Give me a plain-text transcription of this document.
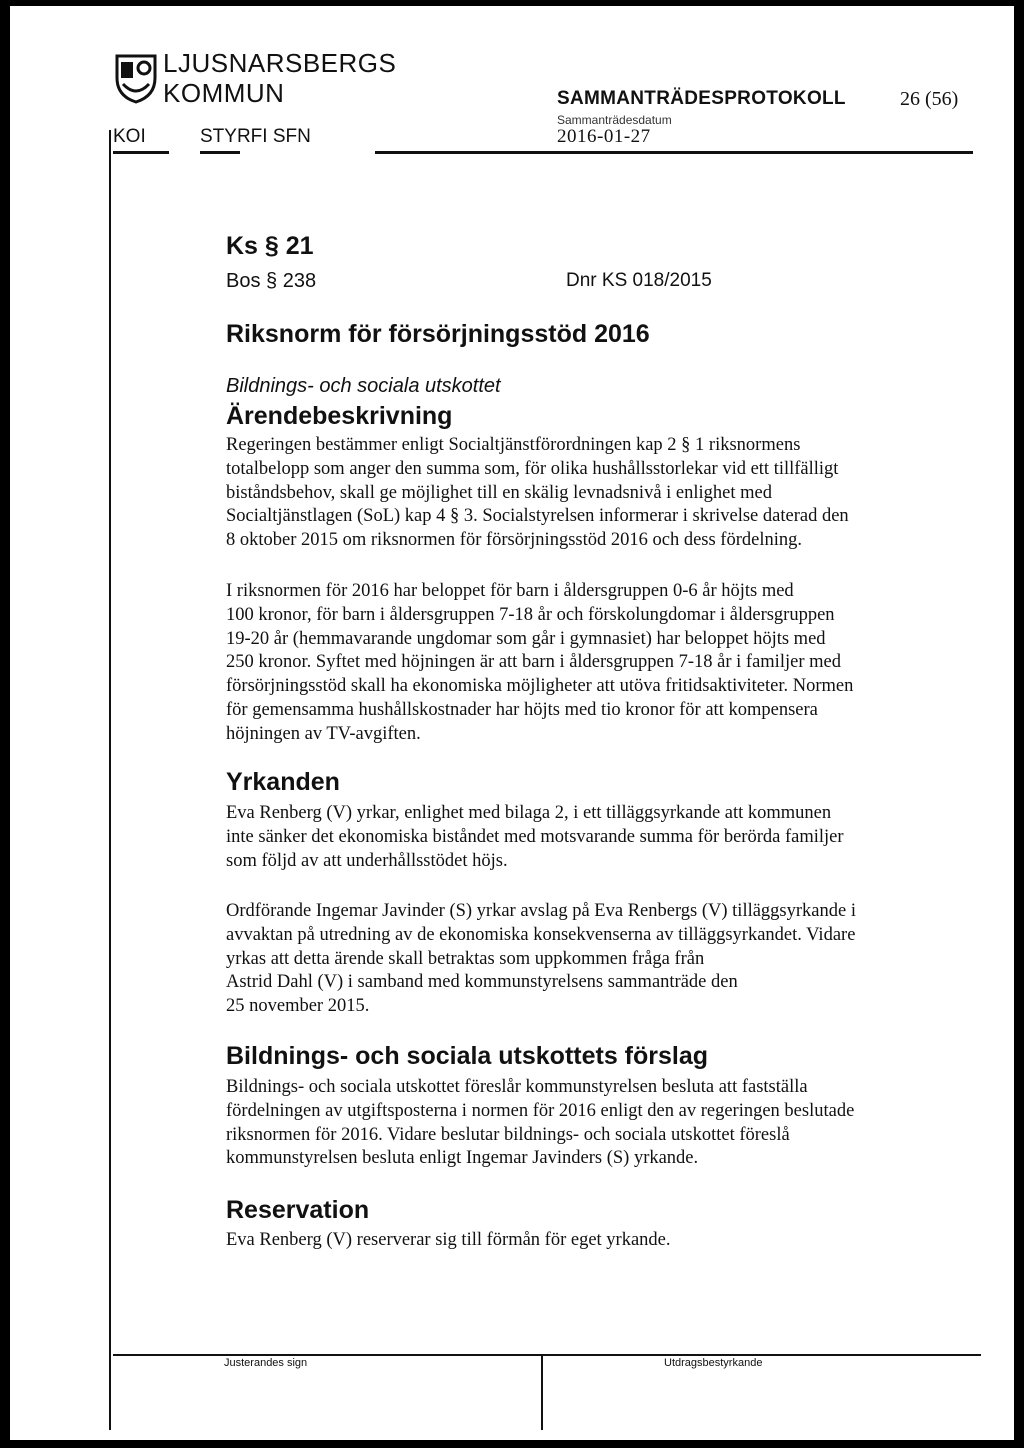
LJUSNARSBERGS
KOMMUN
KOI	STYRFI SFN
SAMMANTRÄDESPROTOKOLL	26 (56)
Sammanträdesdatum
2016-01-27
Ks § 21
Bos § 238	Dnr KS 018/2015
Riksnorm för försörjningsstöd 2016
Bildnings- och sociala utskottet
Ärendebeskrivning

Regeringen bestämmer enligt Socialtjänstförordningen kap 2 § 1 riksnormens

totalbelopp som anger den summa som, för olika hushållsstorlekar vid ett tillfälligt

biståndsbehov, skall ge möjlighet till en skälig levnadsnivå i enlighet med

Socialtjänstlagen (SoL) kap 4 § 3. Socialstyrelsen informerar i skrivelse daterad den

8 oktober 2015 om riksnormen för försörjningsstöd 2016 och dess fördelning.

I riksnormen för 2016 har beloppet för barn i åldersgruppen 0-6 år höjts med

100 kronor, för barn i åldersgruppen 7-18 år och förskolungdomar i åldersgruppen

19-20 år (hemmavarande ungdomar som går i gymnasiet) har beloppet höjts med

250 kronor. Syftet med höjningen är att barn i åldersgruppen 7-18 år i familjer med

försörjningsstöd skall ha ekonomiska möjligheter att utöva fritidsaktiviteter. Normen

för gemensamma hushållskostnader har höjts med tio kronor för att kompensera

höjningen av TV-avgiften.

Yrkanden

Eva Renberg (V) yrkar, enlighet med bilaga 2, i ett tilläggsyrkande att kommunen

inte sänker det ekonomiska biståndet med motsvarande summa för berörda familjer

som följd av att underhållsstödet höjs.

Ordförande Ingemar Javinder (S) yrkar avslag på Eva Renbergs (V) tilläggsyrkande i

avvaktan på utredning av de ekonomiska konsekvenserna av tilläggsyrkandet. Vidare

yrkas att detta ärende skall betraktas som uppkommen fråga från

Astrid Dahl (V) i samband med kommunstyrelsens sammanträde den

25 november 2015.

Bildnings- och sociala utskottets förslag

Bildnings- och sociala utskottet föreslår kommunstyrelsen besluta att fastställa

fördelningen av utgiftsposterna i normen för 2016 enligt den av regeringen beslutade

riksnormen för 2016. Vidare beslutar bildnings- och sociala utskottet föreslå

kommunstyrelsen besluta enligt Ingemar Javinders (S) yrkande.

Reservation

Eva Renberg (V) reserverar sig till förmån för eget yrkande.

Justerandes sign	Utdragsbestyrkande
